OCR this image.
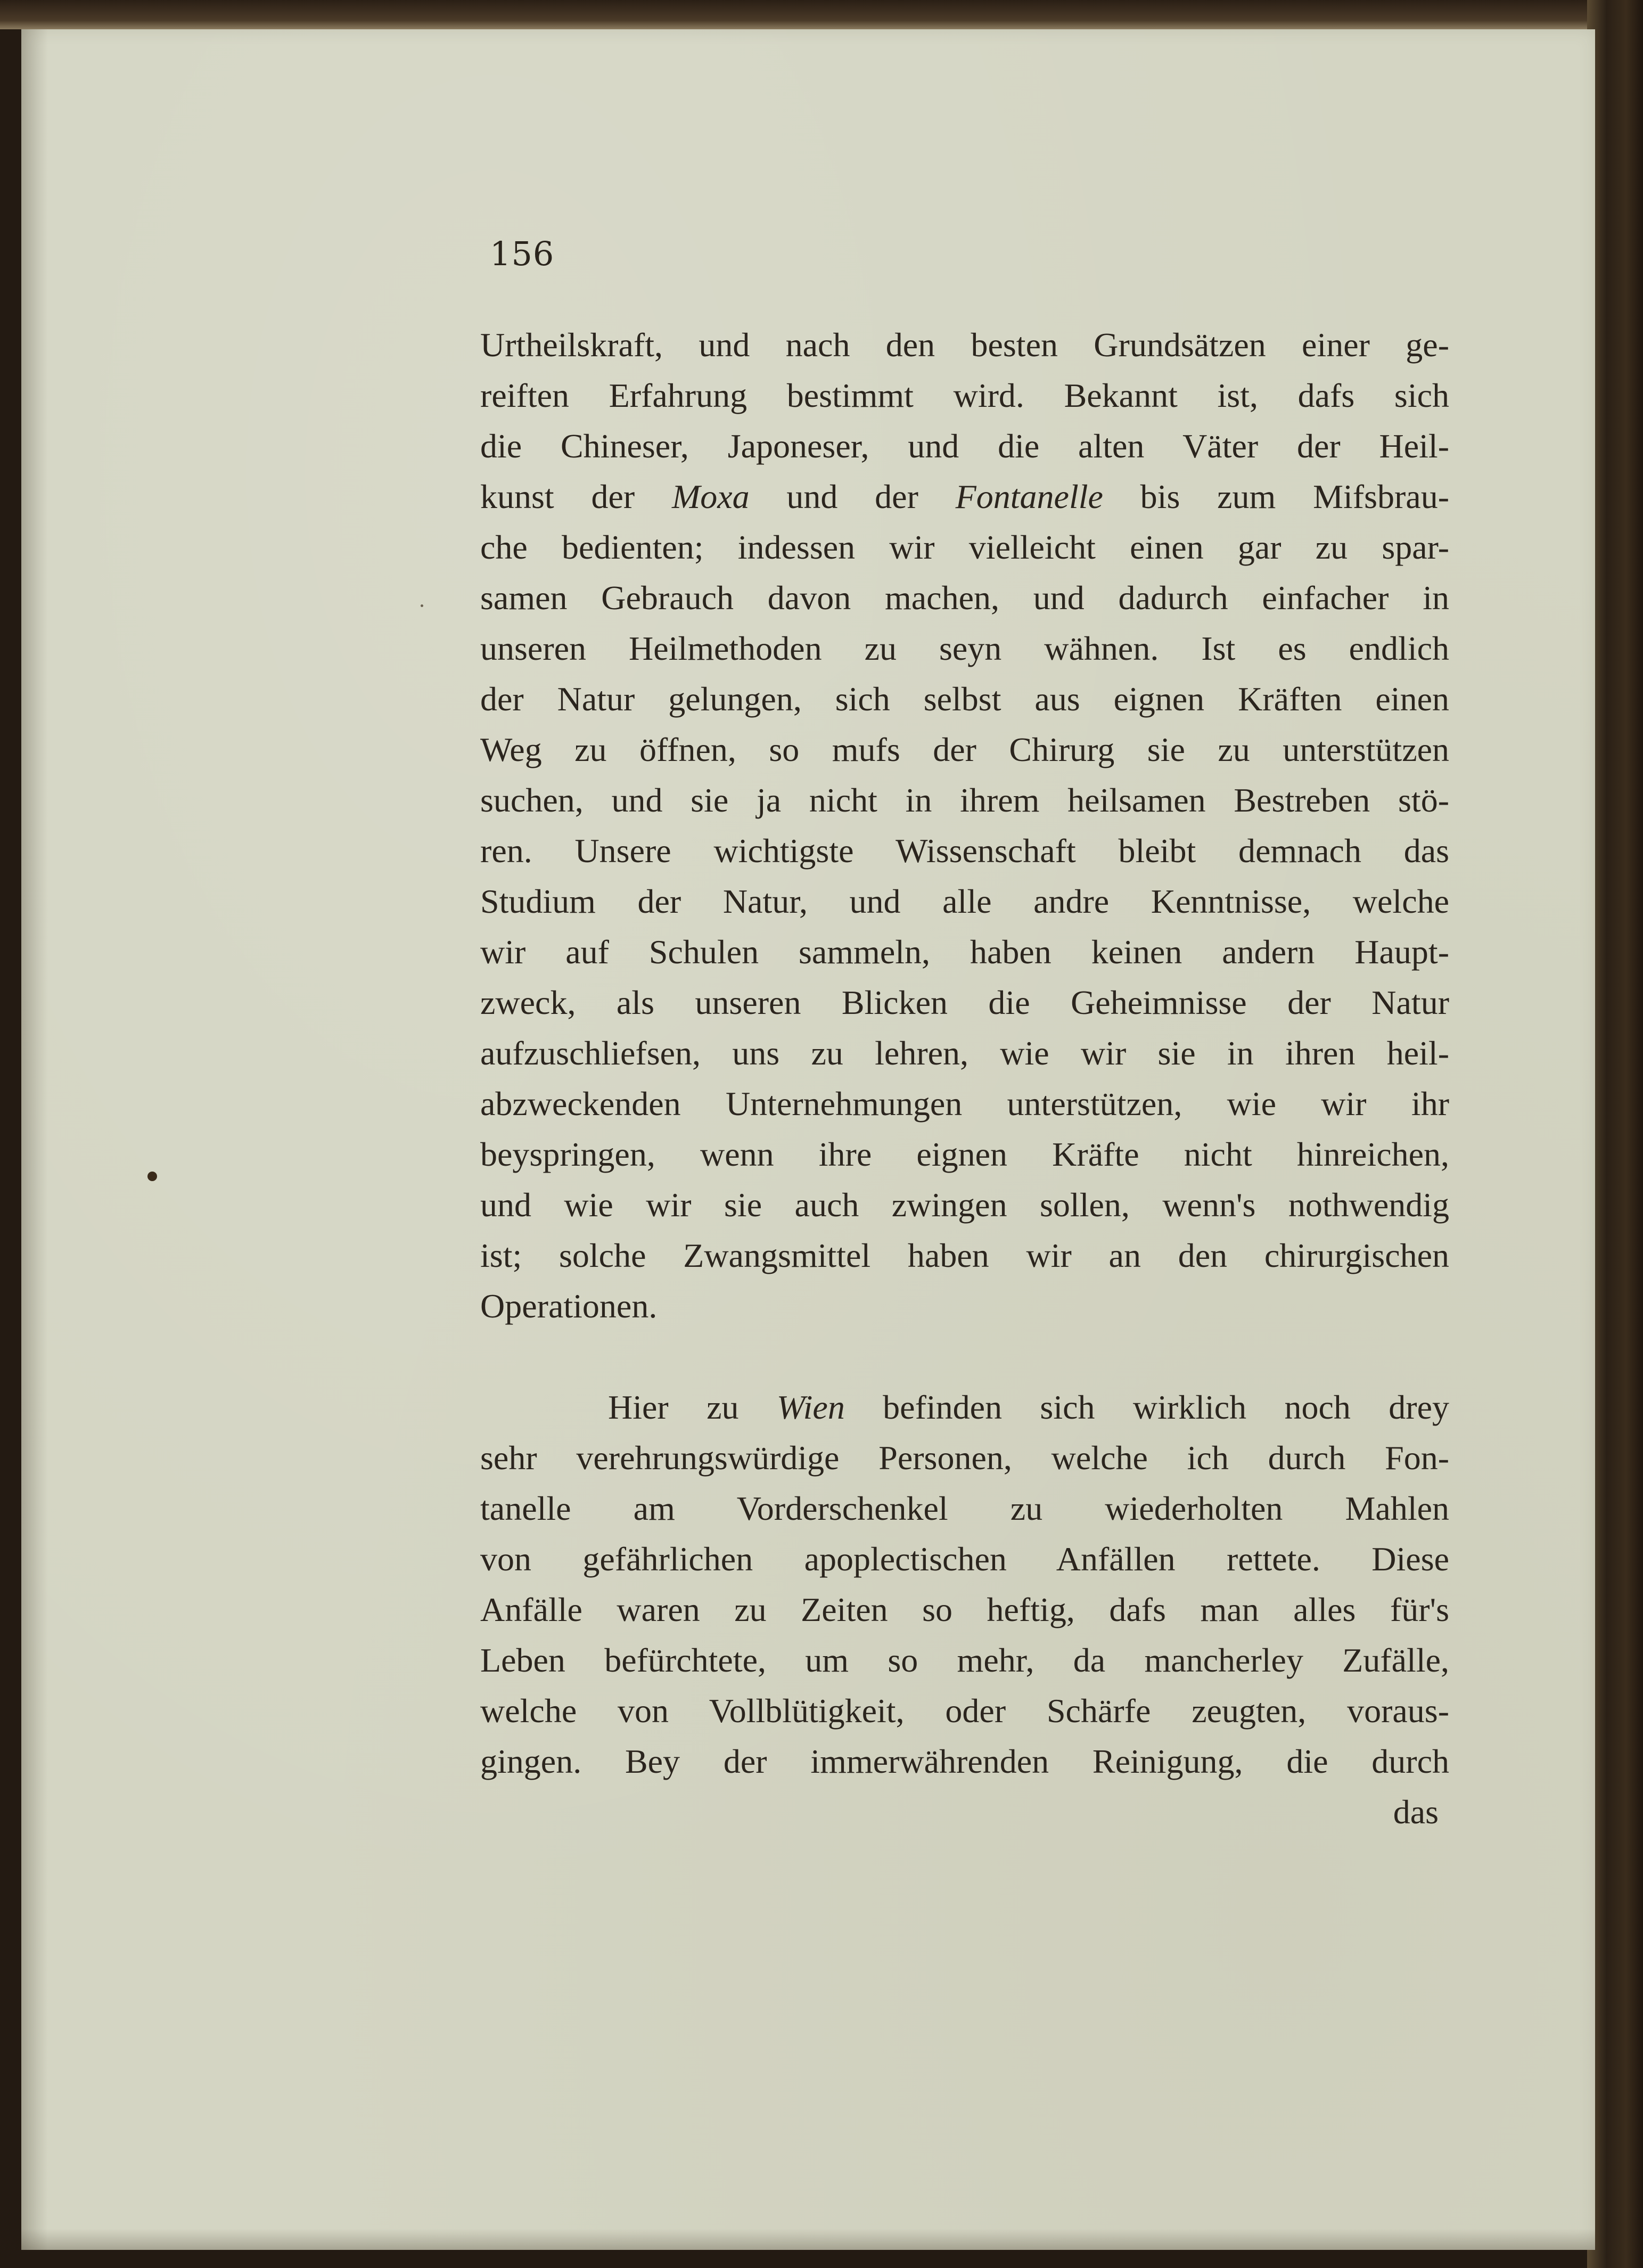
156
Urtheilskraft, und nach den besten Grundsätzen einer ge-
reiften Erfahrung bestimmt wird. Bekannt ist, dafs sich
die Chineser, Japoneser, und die alten Väter der Heil-
kunst der Moxa und der Fontanelle bis zum Mifsbrau-
che bedienten; indessen wir vielleicht einen gar zu spar-
samen Gebrauch davon machen, und dadurch einfacher in
unseren Heilmethoden zu seyn wähnen. Ist es endlich
der Natur gelungen, sich selbst aus eignen Kräften einen
Weg zu öffnen, so mufs der Chirurg sie zu unterstützen
suchen, und sie ja nicht in ihrem heilsamen Bestreben stö-
ren. Unsere wichtigste Wissenschaft bleibt demnach das
Studium der Natur, und alle andre Kenntnisse, welche
wir auf Schulen sammeln, haben keinen andern Haupt-
zweck, als unseren Blicken die Geheimnisse der Natur
aufzuschliefsen, uns zu lehren, wie wir sie in ihren heil-
abzweckenden Unternehmungen unterstützen, wie wir ihr
beyspringen, wenn ihre eignen Kräfte nicht hinreichen,
und wie wir sie auch zwingen sollen, wenn's nothwendig
ist; solche Zwangsmittel haben wir an den chirurgischen
Operationen.
Hier zu Wien befinden sich wirklich noch drey
sehr verehrungswürdige Personen, welche ich durch Fon-
tanelle am Vorderschenkel zu wiederholten Mahlen
von gefährlichen apoplectischen Anfällen rettete. Diese
Anfälle waren zu Zeiten so heftig, dafs man alles für's
Leben befürchtete, um so mehr, da mancherley Zufälle,
welche von Vollblütigkeit, oder Schärfe zeugten, voraus-
gingen. Bey der immerwährenden Reinigung, die durch
das
